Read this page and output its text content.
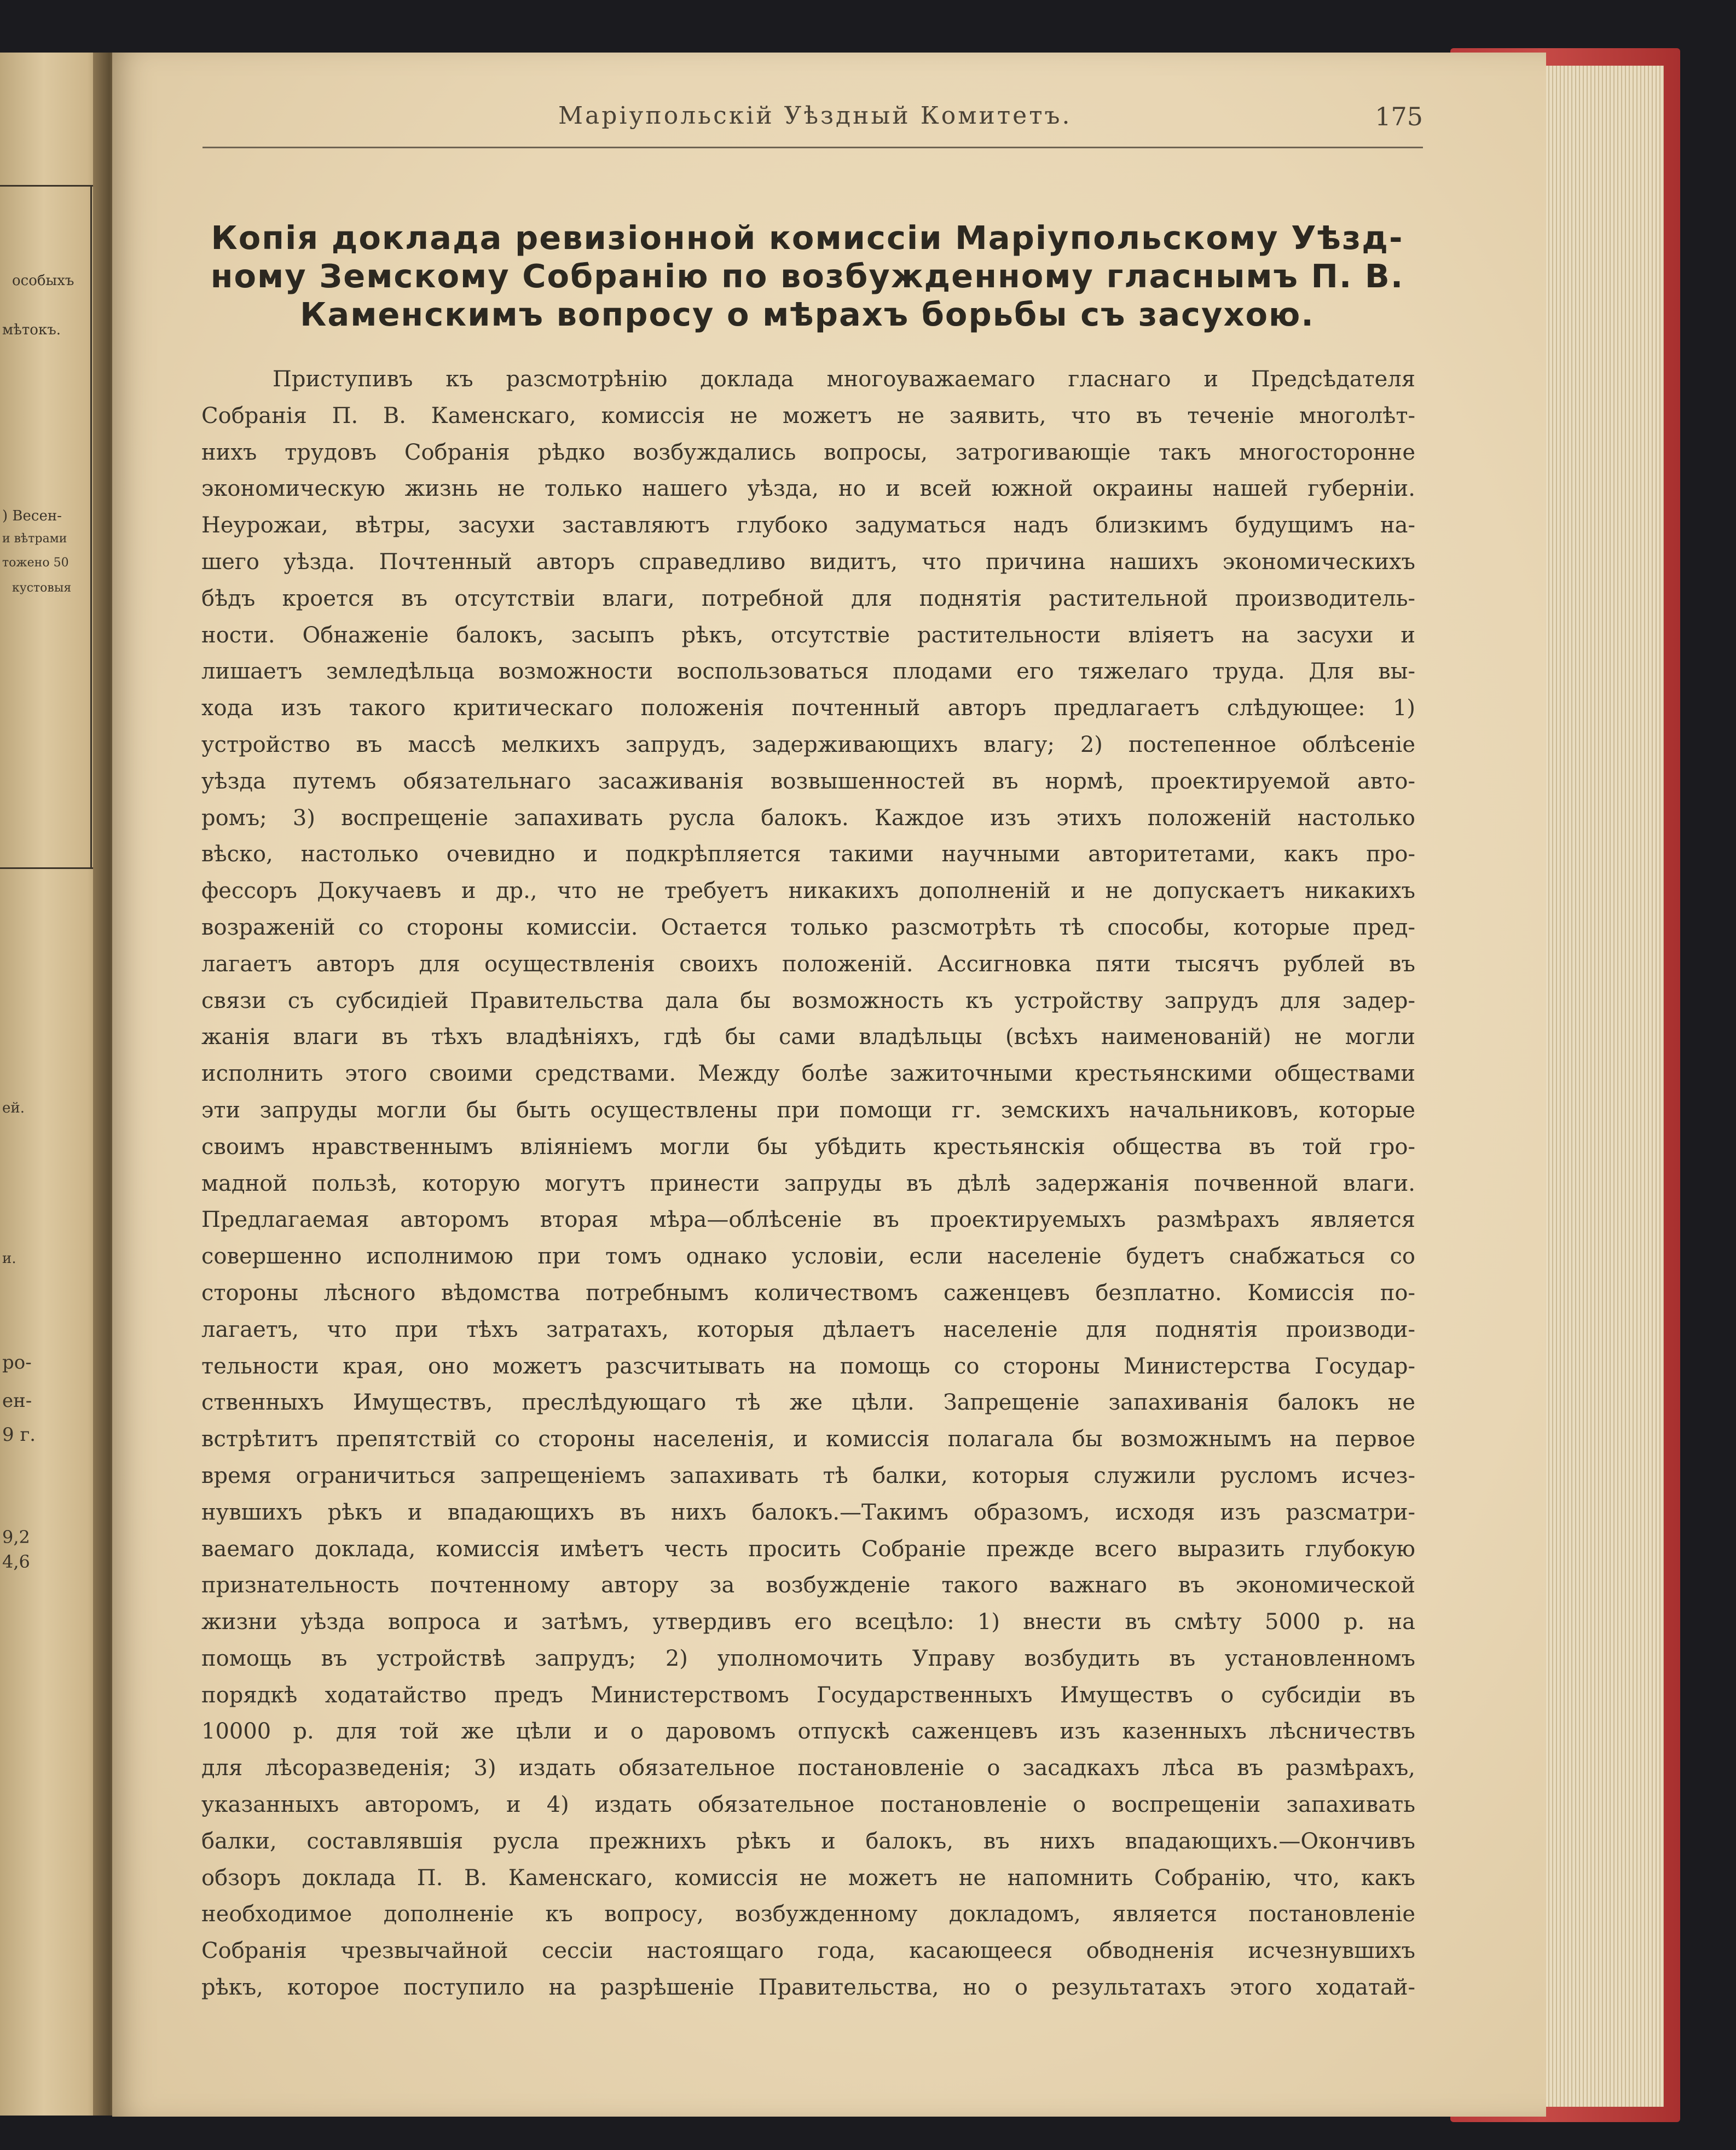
особыхъ
мѣтокъ.
) Весен-
и вѣтрами
тожено 50
кустовыя
ей.
и.
ро-
ен-
9 г.
9,2
4,6
Маріупольскій Уѣздный Комитетъ.	175
Копія доклада ревизіонной комиссіи Маріупольскому Уѣзд-
ному Земскому Собранію по возбужденному гласнымъ П. В.
Каменскимъ вопросу о мѣрахъ борьбы съ засухою.
Приступивъ къ разсмотрѣнію доклада многоуважаемаго гласнаго и Предсѣдателя
Собранія П. В. Каменскаго, комиссія не можетъ не заявить, что въ теченіе многолѣт-
нихъ трудовъ Собранія рѣдко возбуждались вопросы, затрогивающіе такъ многосторонне
экономическую жизнь не только нашего уѣзда, но и всей южной окраины нашей губерніи.
Неурожаи, вѣтры, засухи заставляютъ глубоко задуматься надъ близкимъ будущимъ на-
шего уѣзда. Почтенный авторъ справедливо видитъ, что причина нашихъ экономическихъ
бѣдъ кроется въ отсутствіи влаги, потребной для поднятія растительной производитель-
ности. Обнаженіе балокъ, засыпъ рѣкъ, отсутствіе растительности вліяетъ на засухи и
лишаетъ земледѣльца возможности воспользоваться плодами его тяжелаго труда. Для вы-
хода изъ такого критическаго положенія почтенный авторъ предлагаетъ слѣдующее: 1)
устройство въ массѣ мелкихъ запрудъ, задерживающихъ влагу; 2) постепенное облѣсеніе
уѣзда путемъ обязательнаго засаживанія возвышенностей въ нормѣ, проектируемой авто-
ромъ; 3) воспрещеніе запахивать русла балокъ. Каждое изъ этихъ положеній настолько
вѣско, настолько очевидно и подкрѣпляется такими научными авторитетами, какъ про-
фессоръ Докучаевъ и др., что не требуетъ никакихъ дополненій и не допускаетъ никакихъ
возраженій со стороны комиссіи. Остается только разсмотрѣть тѣ способы, которые пред-
лагаетъ авторъ для осуществленія своихъ положеній. Ассигновка пяти тысячъ рублей въ
связи съ субсидіей Правительства дала бы возможность къ устройству запрудъ для задер-
жанія влаги въ тѣхъ владѣніяхъ, гдѣ бы сами владѣльцы (всѣхъ наименованій) не могли
исполнить этого своими средствами. Между болѣе зажиточными крестьянскими обществами
эти запруды могли бы быть осуществлены при помощи гг. земскихъ начальниковъ, которые
своимъ нравственнымъ вліяніемъ могли бы убѣдить крестьянскія общества въ той гро-
мадной пользѣ, которую могутъ принести запруды въ дѣлѣ задержанія почвенной влаги.
Предлагаемая авторомъ вторая мѣра—облѣсеніе въ проектируемыхъ размѣрахъ является
совершенно исполнимою при томъ однако условіи, если населеніе будетъ снабжаться со
стороны лѣсного вѣдомства потребнымъ количествомъ саженцевъ безплатно. Комиссія по-
лагаетъ, что при тѣхъ затратахъ, которыя дѣлаетъ населеніе для поднятія производи-
тельности края, оно можетъ разсчитывать на помощь со стороны Министерства Государ-
ственныхъ Имуществъ, преслѣдующаго тѣ же цѣли. Запрещеніе запахиванія балокъ не
встрѣтитъ препятствій со стороны населенія, и комиссія полагала бы возможнымъ на первое
время ограничиться запрещеніемъ запахивать тѣ балки, которыя служили русломъ исчез-
нувшихъ рѣкъ и впадающихъ въ нихъ балокъ.—Такимъ образомъ, исходя изъ разсматри-
ваемаго доклада, комиссія имѣетъ честь просить Собраніе прежде всего выразить глубокую
признательность почтенному автору за возбужденіе такого важнаго въ экономической
жизни уѣзда вопроса и затѣмъ, утвердивъ его всецѣло: 1) внести въ смѣту 5000 р. на
помощь въ устройствѣ запрудъ; 2) уполномочить Управу возбудить въ установленномъ
порядкѣ ходатайство предъ Министерствомъ Государственныхъ Имуществъ о субсидіи въ
10000 р. для той же цѣли и о даровомъ отпускѣ саженцевъ изъ казенныхъ лѣсничествъ
для лѣсоразведенія; 3) издать обязательное постановленіе о засадкахъ лѣса въ размѣрахъ,
указанныхъ авторомъ, и 4) издать обязательное постановленіе о воспрещеніи запахивать
балки, составлявшія русла прежнихъ рѣкъ и балокъ, въ нихъ впадающихъ.—Окончивъ
обзоръ доклада П. В. Каменскаго, комиссія не можетъ не напомнить Собранію, что, какъ
необходимое дополненіе къ вопросу, возбужденному докладомъ, является постановленіе
Собранія чрезвычайной сессіи настоящаго года, касающееся обводненія исчезнувшихъ
рѣкъ, которое поступило на разрѣшеніе Правительства, но о результатахъ этого ходатай-
